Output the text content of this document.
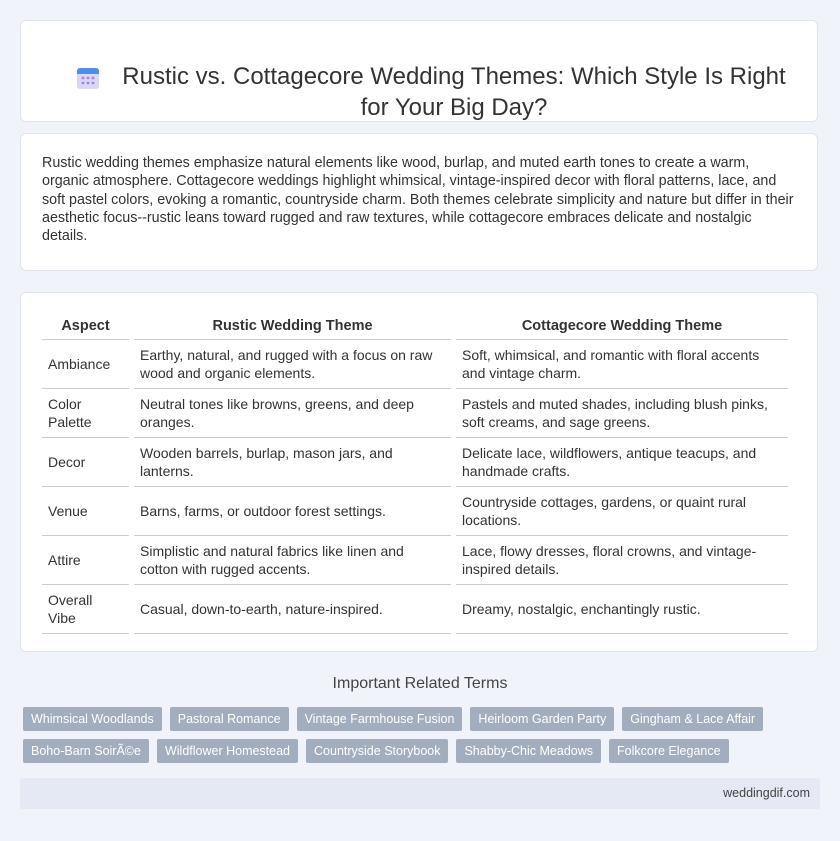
Rustic vs. Cottagecore Wedding Themes: Which Style Is Right for Your Big Day?
Rustic wedding themes emphasize natural elements like wood, burlap, and muted earth tones to create a warm, organic atmosphere. Cottagecore weddings highlight whimsical, vintage-inspired decor with floral patterns, lace, and soft pastel colors, evoking a romantic, countryside charm. Both themes celebrate simplicity and nature but differ in their aesthetic focus--rustic leans toward rugged and raw textures, while cottagecore embraces delicate and nostalgic details.
Aspect	Rustic Wedding Theme	Cottagecore Wedding Theme
Ambiance	Earthy, natural, and rugged with a focus on raw wood and organic elements.	Soft, whimsical, and romantic with floral accents and vintage charm.
Color Palette	Neutral tones like browns, greens, and deep oranges.	Pastels and muted shades, including blush pinks, soft creams, and sage greens.
Decor	Wooden barrels, burlap, mason jars, and lanterns.	Delicate lace, wildflowers, antique teacups, and handmade crafts.
Venue	Barns, farms, or outdoor forest settings.	Countryside cottages, gardens, or quaint rural locations.
Attire	Simplistic and natural fabrics like linen and cotton with rugged accents.	Lace, flowy dresses, floral crowns, and vintage-inspired details.
Overall Vibe	Casual, down-to-earth, nature-inspired.	Dreamy, nostalgic, enchantingly rustic.
Important Related Terms
Whimsical Woodlands	Pastoral Romance	Vintage Farmhouse Fusion	Heirloom Garden Party	Gingham & Lace Affair
Boho-Barn SoirÃ©e	Wildflower Homestead	Countryside Storybook	Shabby-Chic Meadows	Folkcore Elegance
weddingdif.com
